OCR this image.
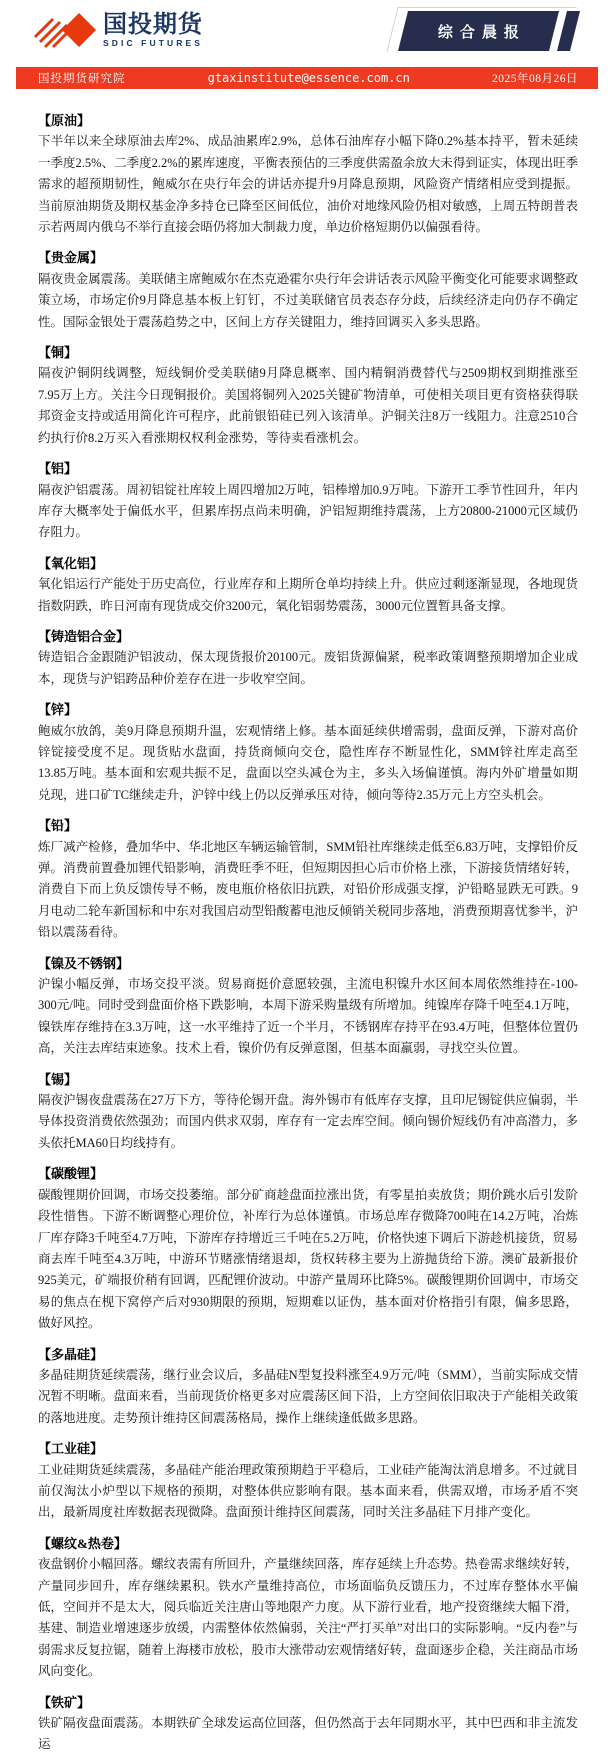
国投期货
SDIC FUTURES
综合晨报
国投期货研究院	gtaxinstitute@essence.com.cn	2025年08月26日
【原油】

下半年以来全球原油去库2%、成品油累库2.9%，总体石油库存小幅下降0.2%基本持平，暂未延续一季度2.5%、二季度2.2%的累库速度，平衡表预估的三季度供需盈余放大未得到证实，体现出旺季需求的超预期韧性，鲍威尔在央行年会的讲话亦提升9月降息预期，风险资产情绪相应受到提振。当前原油期货及期权基金净多持仓已降至区间低位，油价对地缘风险仍相对敏感，上周五特朗普表示若两周内俄乌不举行直接会晤仍将加大制裁力度，单边价格短期仍以偏强看待。

【贵金属】

隔夜贵金属震荡。美联储主席鲍威尔在杰克逊霍尔央行年会讲话表示风险平衡变化可能要求调整政策立场，市场定价9月降息基本板上钉钉，不过美联储官员表态存分歧，后续经济走向仍存不确定性。国际金银处于震荡趋势之中，区间上方存关键阻力，维持回调买入多头思路。

【铜】

隔夜沪铜阴线调整，短线铜价受美联储9月降息概率、国内精铜消费替代与2509期权到期推涨至7.95万上方。关注今日现铜报价。美国将铜列入2025关键矿物清单，可使相关项目更有资格获得联邦资金支持或适用简化许可程序，此前银铅硅已列入该清单。沪铜关注8万一线阻力。注意2510合约执行价8.2万买入看涨期权权利金涨势，等待卖看涨机会。

【铝】

隔夜沪铝震荡。周初铝锭社库较上周四增加2万吨，铝棒增加0.9万吨。下游开工季节性回升，年内库存大概率处于偏低水平，但累库拐点尚未明确，沪铝短期维持震荡，上方20800-21000元区域仍存阻力。

【氧化铝】

氧化铝运行产能处于历史高位，行业库存和上期所仓单均持续上升。供应过剩逐渐显现，各地现货指数阴跌，昨日河南有现货成交价3200元，氧化铝弱势震荡，3000元位置暂具备支撑。

【铸造铝合金】

铸造铝合金跟随沪铝波动，保太现货报价20100元。废铝货源偏紧，税率政策调整预期增加企业成本，现货与沪铝跨品种价差存在进一步收窄空间。

【锌】

鲍威尔放鸽，美9月降息预期升温，宏观情绪上修。基本面延续供增需弱，盘面反弹，下游对高价锌锭接受度不足。现货贴水盘面，持货商倾向交仓，隐性库存不断显性化，SMM锌社库走高至13.85万吨。基本面和宏观共振不足，盘面以空头减仓为主，多头入场偏谨慎。海内外矿增量如期兑现，进口矿TC继续走升，沪锌中线上仍以反弹承压对待，倾向等待2.35万元上方空头机会。

【铅】

炼厂减产检修，叠加华中、华北地区车辆运输管制，SMM铅社库继续走低至6.83万吨，支撑铅价反弹。消费前置叠加锂代铅影响，消费旺季不旺，但短期因担心后市价格上涨，下游接货情绪好转，消费自下而上负反馈传导不畅，废电瓶价格依旧抗跌，对铅价形成强支撑，沪铅略显跌无可跌。9月电动二轮车新国标和中东对我国启动型铅酸蓄电池反倾销关税同步落地，消费预期喜忧参半，沪铅以震荡看待。

【镍及不锈钢】

沪镍小幅反弹，市场交投平淡。贸易商挺价意愿较强，主流电积镍升水区间本周依然维持在-100-300元/吨。同时受到盘面价格下跌影响，本周下游采购量级有所增加。纯镍库存降千吨至4.1万吨，镍铁库存维持在3.3万吨，这一水平维持了近一个半月，不锈钢库存持平在93.4万吨，但整体位置仍高，关注去库结束迹象。技术上看，镍价仍有反弹意图，但基本面羸弱，寻找空头位置。

【锡】

隔夜沪锡夜盘震荡在27万下方，等待伦锡开盘。海外锡市有低库存支撑，且印尼锡锭供应偏弱，半导体投资消费依然强劲；而国内供求双弱，库存有一定去库空间。倾向锡价短线仍有冲高潜力，多头依托MA60日均线持有。

【碳酸锂】

碳酸锂期价回调，市场交投萎缩。部分矿商趁盘面拉涨出货，有零星拍卖放货；期价跳水后引发阶段性惜售。下游不断调整心理价位，补库行为总体谨慎。市场总库存微降700吨在14.2万吨，冶炼厂库存降3千吨至4.7万吨，下游库存持增近三千吨在5.2万吨，价格快速下调后下游趁机接货，贸易商去库千吨至4.3万吨，中游环节赌涨情绪退却，货权转移主要为上游抛货给下游。澳矿最新报价925美元，矿端报价稍有回调，匹配锂价波动。中游产量周环比降5%。碳酸锂期价回调中，市场交易的焦点在枧下窝停产后对930期限的预期，短期难以证伪，基本面对价格指引有限，偏多思路，做好风控。

【多晶硅】

多晶硅期货延续震荡，继行业会议后，多晶硅N型复投料涨至4.9万元/吨（SMM），当前实际成交情况暂不明晰。盘面来看，当前现货价格更多对应震荡区间下沿，上方空间依旧取决于产能相关政策的落地进度。走势预计维持区间震荡格局，操作上继续逢低做多思路。

【工业硅】

工业硅期货延续震荡，多晶硅产能治理政策预期趋于平稳后，工业硅产能淘汰消息增多。不过就目前仅淘汰小炉型以下规格的预期，对整体供应影响有限。基本面来看，供需双增，市场矛盾不突出，最新周度社库数据表现微降。盘面预计维持区间震荡，同时关注多晶硅下月排产变化。

【螺纹&热卷】

夜盘钢价小幅回落。螺纹表需有所回升，产量继续回落，库存延续上升态势。热卷需求继续好转，产量同步回升，库存继续累积。铁水产量维持高位，市场面临负反馈压力，不过库存整体水平偏低，空间并不是太大，阅兵临近关注唐山等地限产力度。从下游行业看，地产投资继续大幅下滑，基建、制造业增速逐步放缓，内需整体依然偏弱，关注“严打买单”对出口的实际影响。“反内卷”与弱需求反复拉锯，随着上海楼市放松，股市大涨带动宏观情绪好转，盘面逐步企稳，关注商品市场风向变化。

【铁矿】

铁矿隔夜盘面震荡。本期铁矿全球发运高位回落，但仍然高于去年同期水平，其中巴西和非主流发运
